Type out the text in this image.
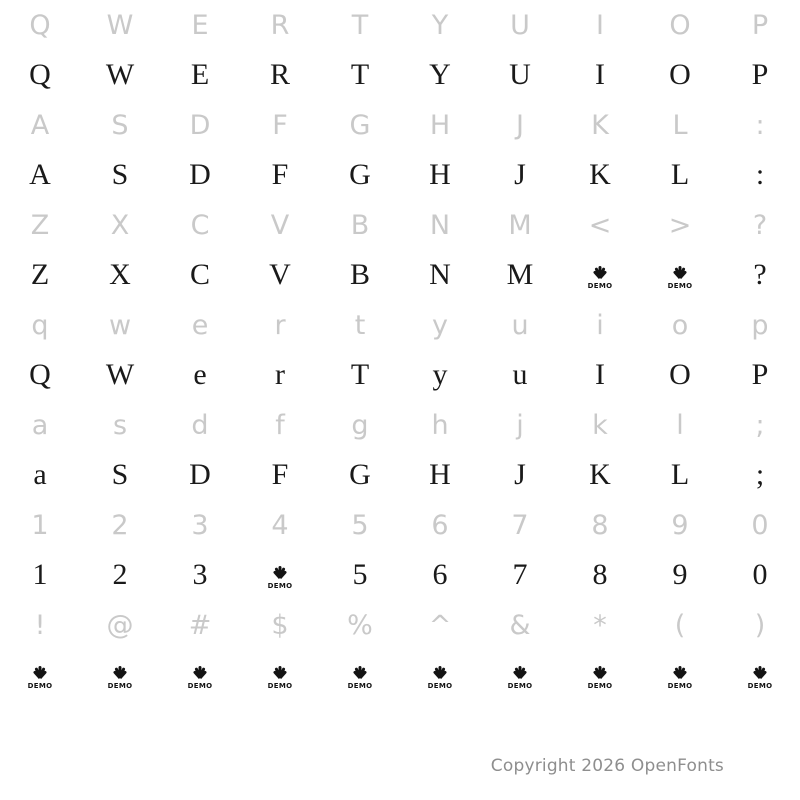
Q W E R T Y U I O P
Q W E R T Y U I O P
A S D F G H J K L	:
A S D F G H J K L :
Z X C V B N M < > ?
Z X C V B N M	DEMO	DEMO ?
q w e r	t y u	i	o p
Q W e r T y u I O P
a s d f g h	j	k	l	;
a S D F G H J K L ;
1 2 3 4 5 6 7 8 9 0
1 2 3	DEMO 5 6 7 8 9 0
! @ # $ % ^ & *	(	)
DEMO	DEMO	DEMO	DEMO	DEMO	DEMO	DEMO	DEMO	DEMO	DEMO
Copyright 2026 OpenFonts
